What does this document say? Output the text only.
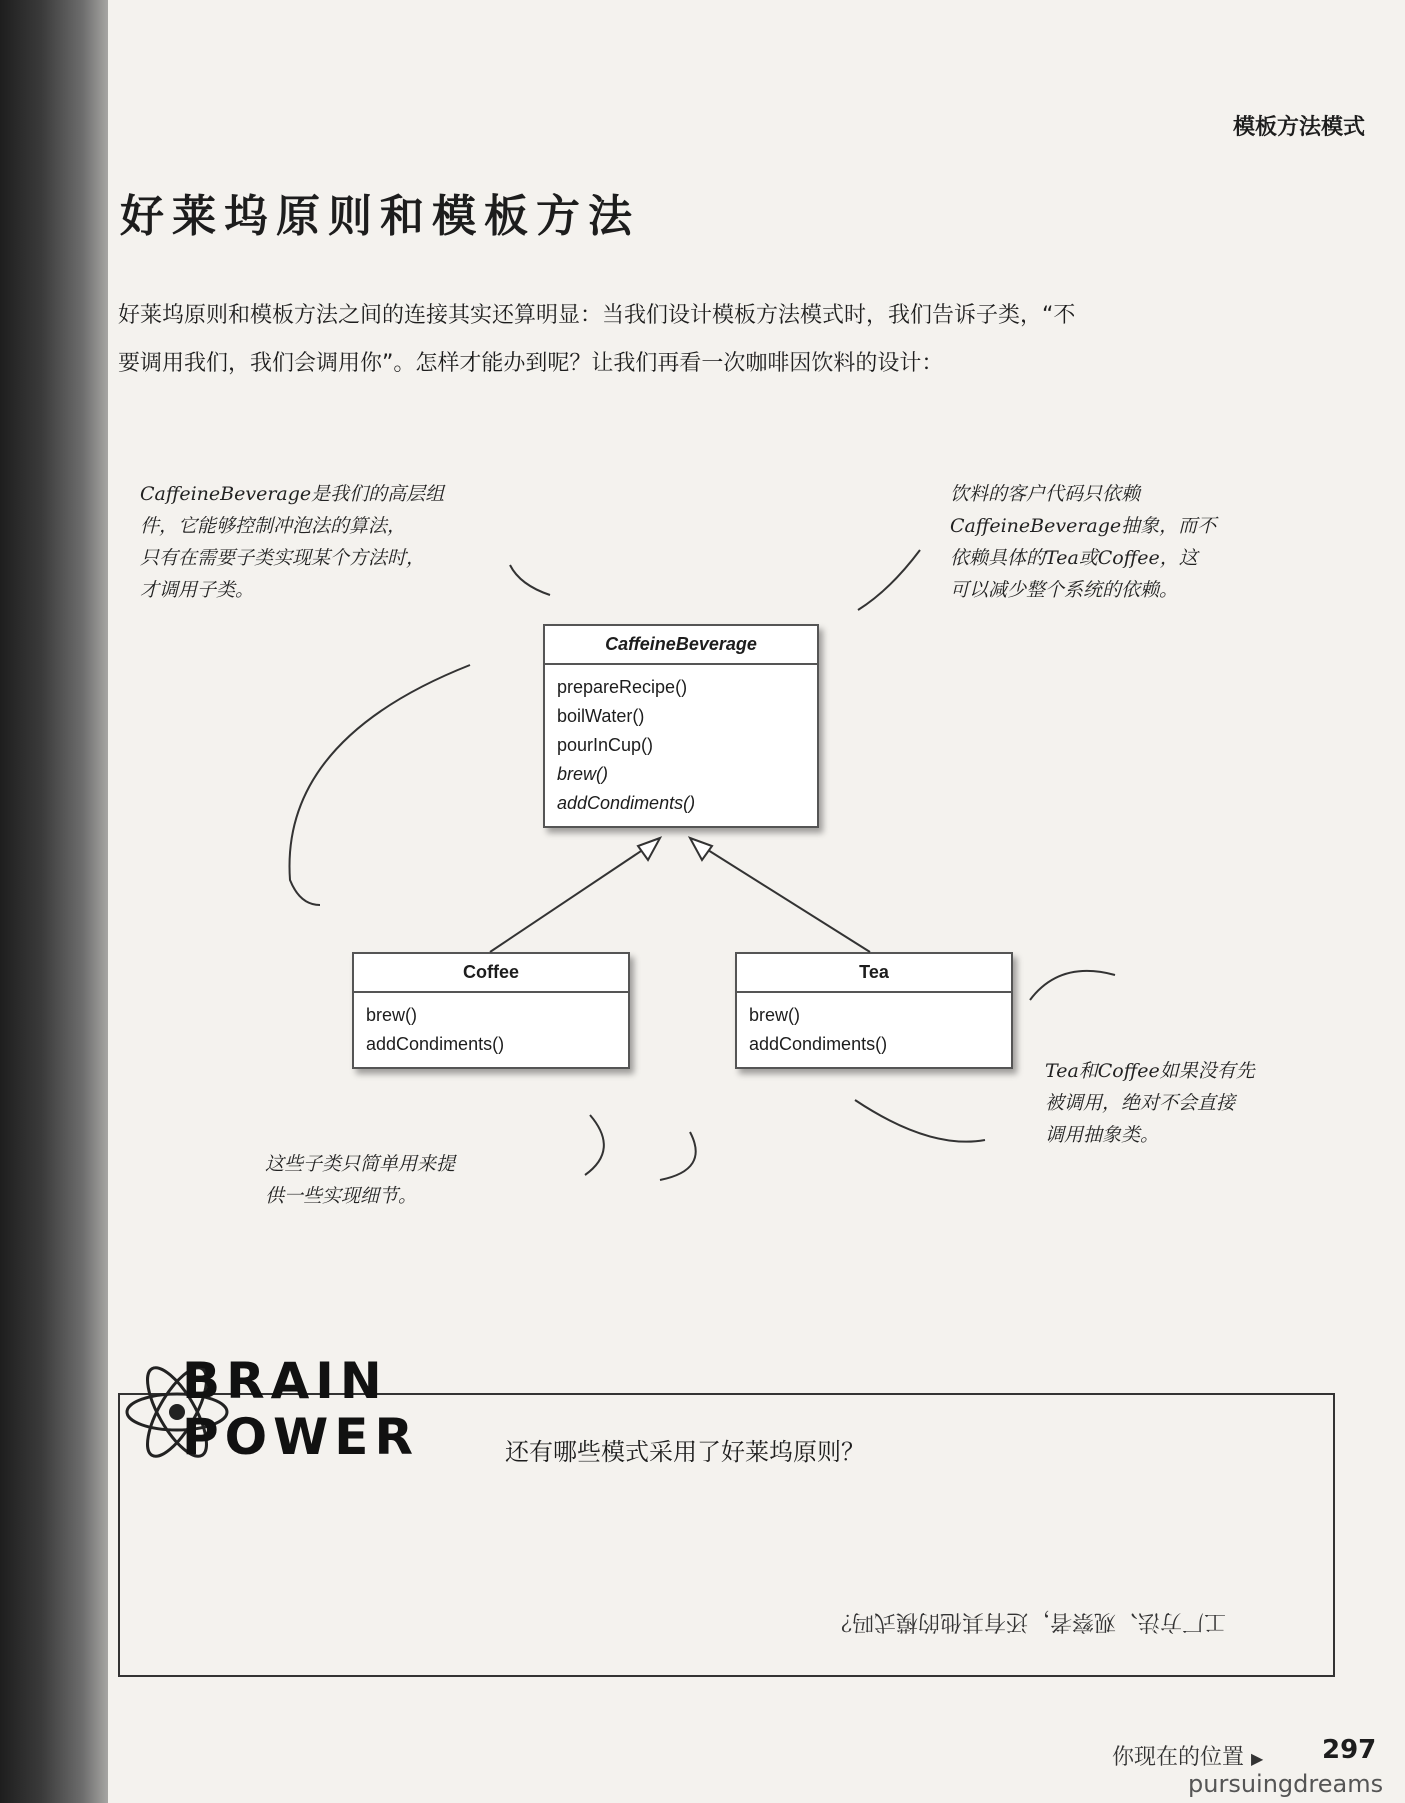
模板方法模式
好莱坞原则和模板方法
好莱坞原则和模板方法之间的连接其实还算明显：当我们设计模板方法模式时，我们告诉子类，“不
要调用我们，我们会调用你”。怎样才能办到呢？让我们再看一次咖啡因饮料的设计：
CaffeineBeverage是我们的高层组
件，它能够控制冲泡法的算法，
只有在需要子类实现某个方法时，
才调用子类。
饮料的客户代码只依赖
CaffeineBeverage抽象，而不
依赖具体的Tea或Coffee，这
可以减少整个系统的依赖。
Tea和Coffee如果没有先
被调用，绝对不会直接
调用抽象类。
这些子类只简单用来提
供一些实现细节。
CaffeineBeverage
prepareRecipe()
boilWater()
pourInCup()
brew()
addCondiments()
Coffee
brew()
addCondiments()
Tea
brew()
addCondiments()
BRAIN
POWER	还有哪些模式采用了好莱坞原则？
工厂方法、观察者，还有其他的模式吗？
你现在的位置 ▶ 297
pursuingdreams
